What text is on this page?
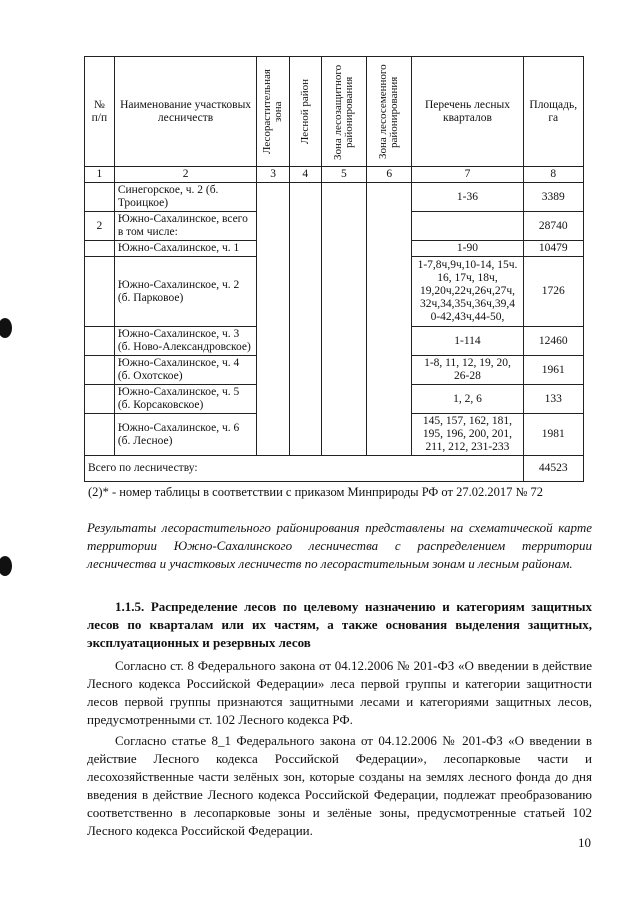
№ п/п	Наименование участковых лесничеств	Лесорастительная зона	Лесной район	Зона лесозащитного районирования	Зона лесосеменного районирования	Перечень лесных кварталов	Площадь, га
1	2	3	4	5	6	7	8
	Синегорское, ч. 2 (б. Троицкое)					1-36	3389
2	Южно-Сахалинское, всего в том числе:						28740
	Южно-Сахалинское, ч. 1					1-90	10479
	Южно-Сахалинское, ч. 2 (б. Парковое)					1-7,8ч,9ч,10-14, 15ч. 16, 17ч, 18ч, 19,20ч,22ч,26ч,27ч, 32ч,34,35ч,36ч,39,4 0-42,43ч,44-50,	1726
	Южно-Сахалинское, ч. 3 (б. Ново-Александровское)					1-114	12460
	Южно-Сахалинское, ч. 4 (б. Охотское)					1-8, 11, 12, 19, 20, 26-28	1961
	Южно-Сахалинское, ч. 5 (б. Корсаковское)					1, 2, 6	133
	Южно-Сахалинское, ч. 6 (б. Лесное)					145, 157, 162, 181, 195, 196, 200, 201, 211, 212, 231-233	1981
Всего по лесничеству:							44523
(2)* - номер таблицы в соответствии с приказом Минприроды РФ от 27.02.2017 № 72
Результаты лесорастительного районирования представлены на схематической карте территории Южно-Сахалинского лесничества с распределением территории лесничества и участковых лесничеств по лесорастительным зонам и лесным районам.
1.1.5. Распределение лесов по целевому назначению и категориям защитных лесов по кварталам или их частям, а также основания выделения защитных, эксплуатационных и резервных лесов
Согласно ст. 8 Федерального закона от 04.12.2006 № 201-ФЗ «О введении в действие Лесного кодекса Российской Федерации» леса первой группы и категории защитности лесов первой группы признаются защитными лесами и категориями защитных лесов, предусмотренными ст. 102 Лесного кодекса РФ.
Согласно статье 8_1 Федерального закона от 04.12.2006 № 201-ФЗ «О введении в действие Лесного кодекса Российской Федерации», лесопарковые части и лесохозяйственные части зелёных зон, которые созданы на землях лесного фонда до дня введения в действие Лесного кодекса Российской Федерации, подлежат преобразованию соответственно в лесопарковые зоны и зелёные зоны, предусмотренные статьей 102 Лесного кодекса Российской Федерации.
10
